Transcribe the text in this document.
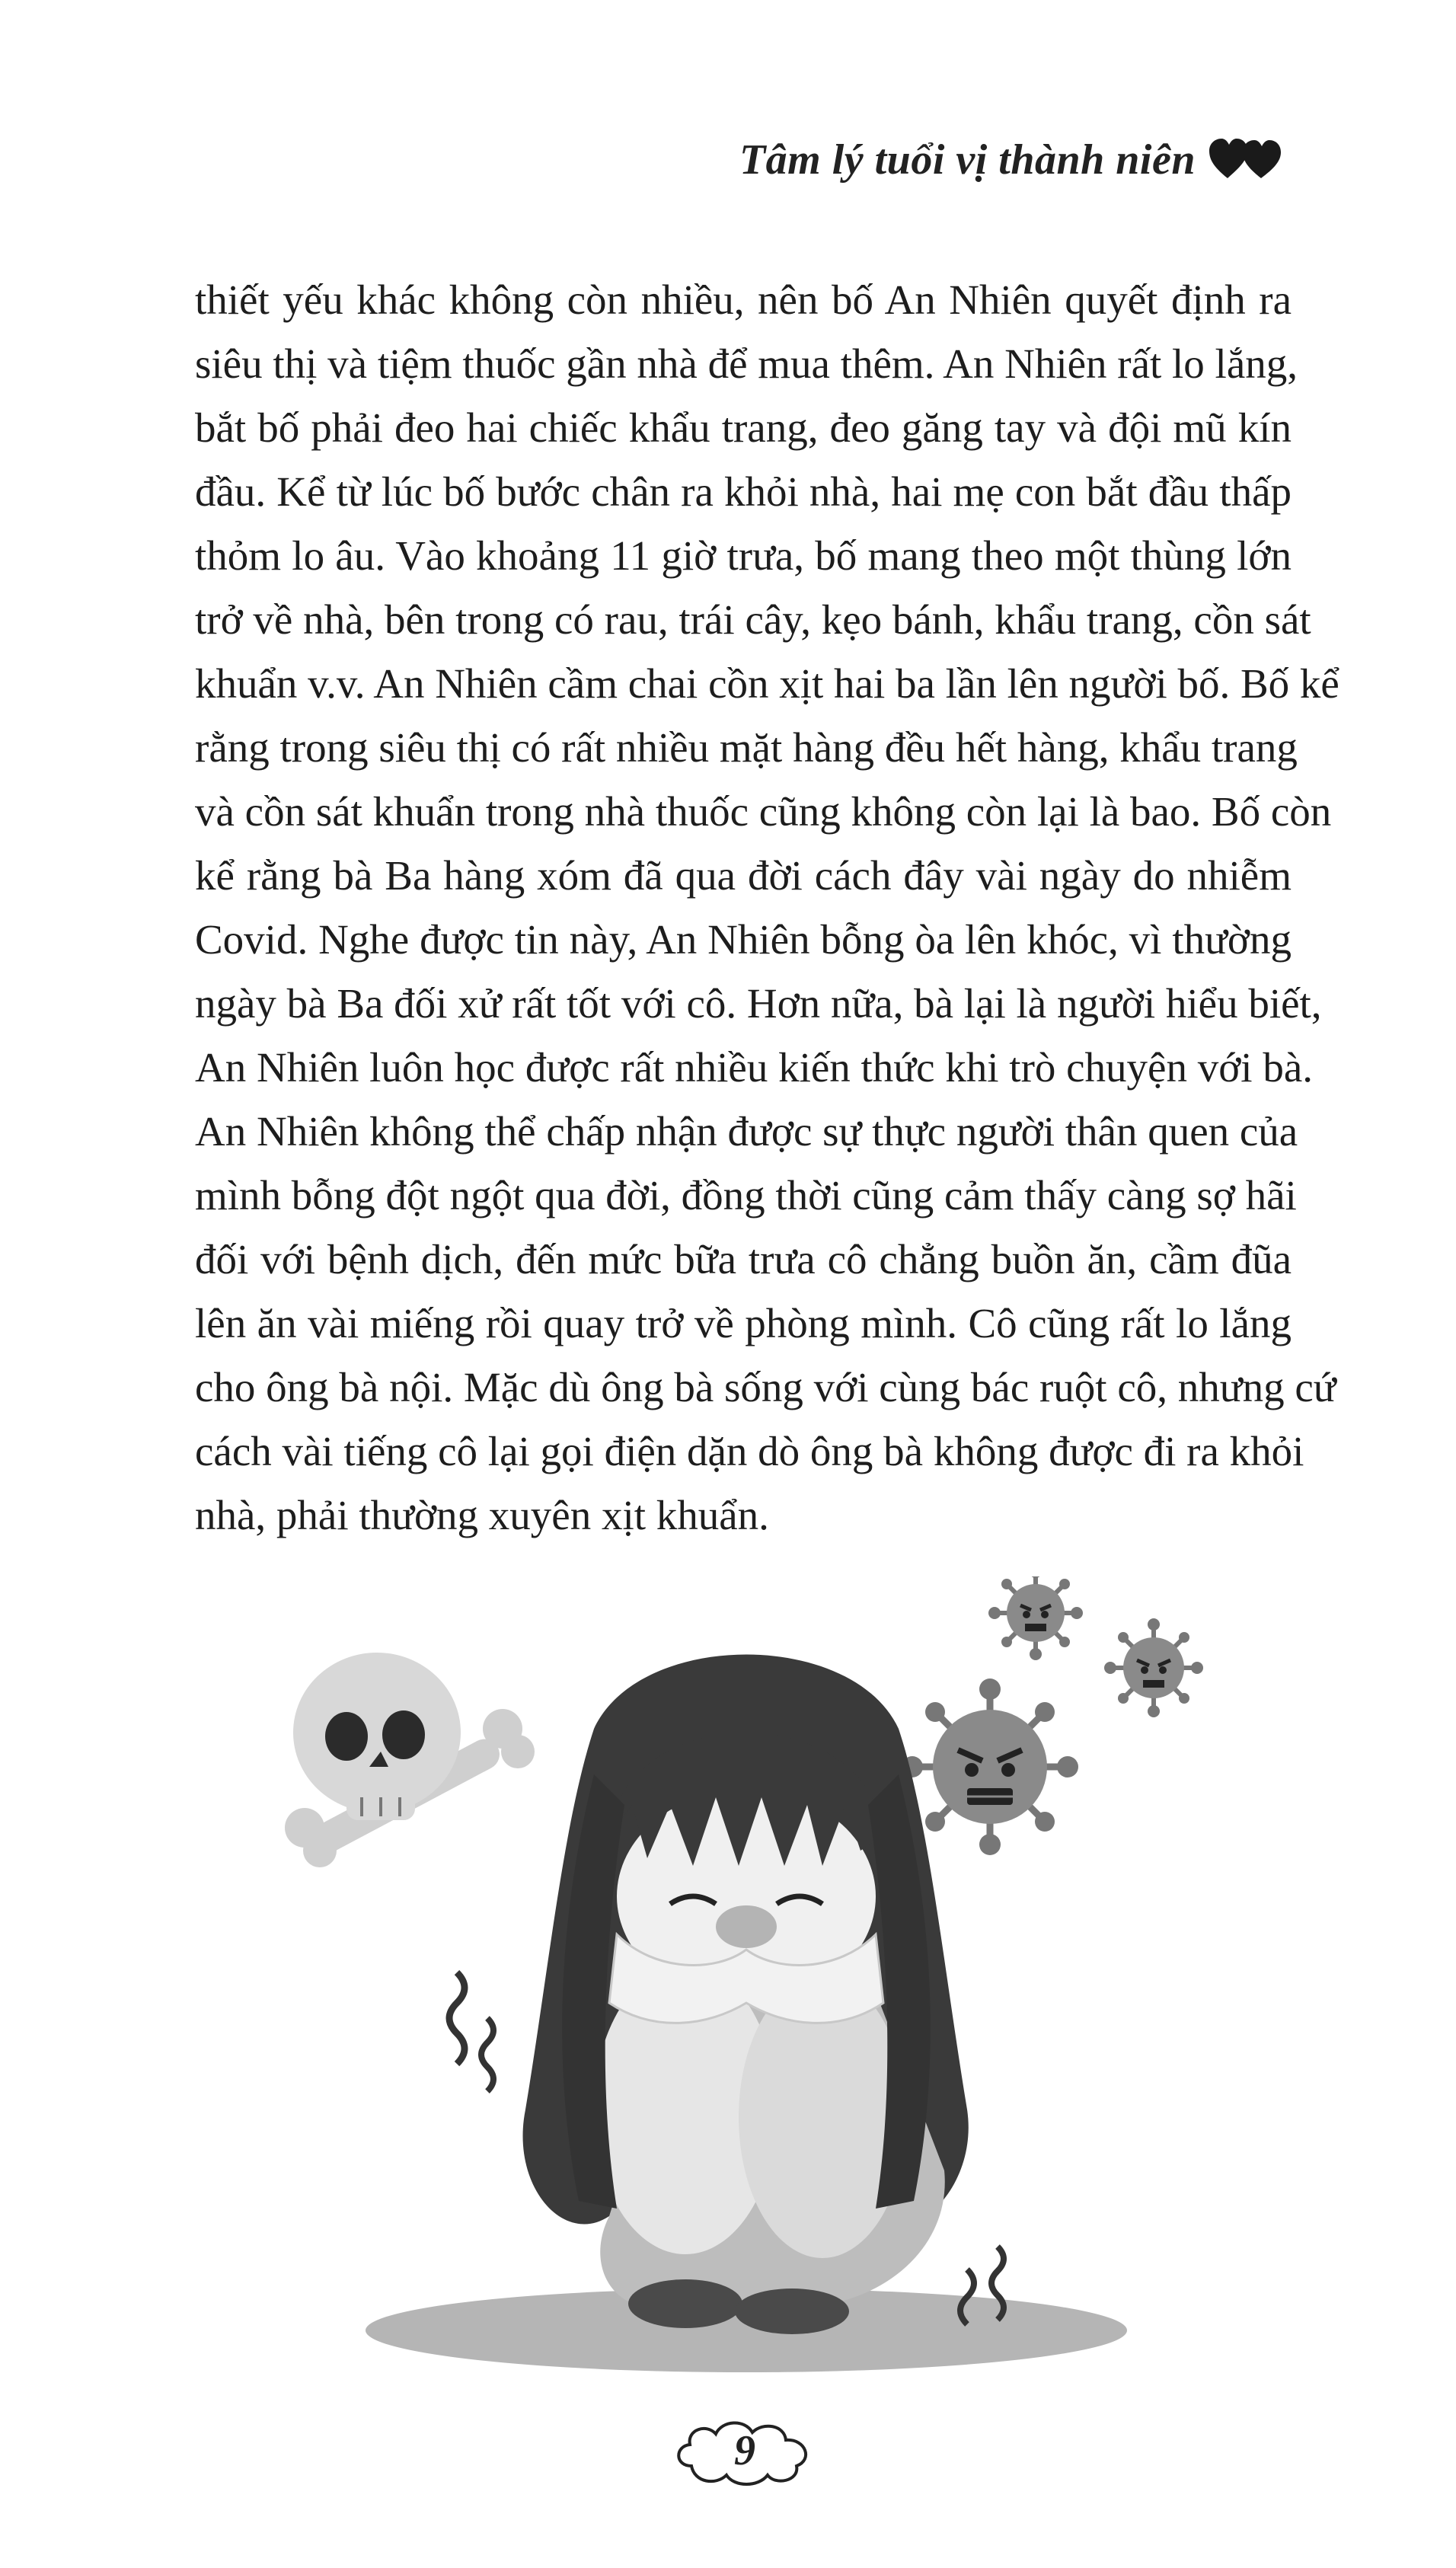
Tâm lý tuổi vị thành niên
thiết yếu khác không còn nhiều, nên bố An Nhiên quyết định ra
siêu thị và tiệm thuốc gần nhà để mua thêm. An Nhiên rất lo lắng,
bắt bố phải đeo hai chiếc khẩu trang, đeo găng tay và đội mũ kín
đầu. Kể từ lúc bố bước chân ra khỏi nhà, hai mẹ con bắt đầu thấp
thỏm lo âu. Vào khoảng 11 giờ trưa, bố mang theo một thùng lớn
trở về nhà, bên trong có rau, trái cây, kẹo bánh, khẩu trang, cồn sát
khuẩn v.v. An Nhiên cầm chai cồn xịt hai ba lần lên người bố. Bố kể
rằng trong siêu thị có rất nhiều mặt hàng đều hết hàng, khẩu trang
và cồn sát khuẩn trong nhà thuốc cũng không còn lại là bao. Bố còn
kể rằng bà Ba hàng xóm đã qua đời cách đây vài ngày do nhiễm
Covid. Nghe được tin này, An Nhiên bỗng òa lên khóc, vì thường
ngày bà Ba đối xử rất tốt với cô. Hơn nữa, bà lại là người hiểu biết,
An Nhiên luôn học được rất nhiều kiến thức khi trò chuyện với bà.
An Nhiên không thể chấp nhận được sự thực người thân quen của
mình bỗng đột ngột qua đời, đồng thời cũng cảm thấy càng sợ hãi
đối với bệnh dịch, đến mức bữa trưa cô chẳng buồn ăn, cầm đũa
lên ăn vài miếng rồi quay trở về phòng mình. Cô cũng rất lo lắng
cho ông bà nội. Mặc dù ông bà sống với cùng bác ruột cô, nhưng cứ
cách vài tiếng cô lại gọi điện dặn dò ông bà không được đi ra khỏi
nhà, phải thường xuyên xịt khuẩn.
9
